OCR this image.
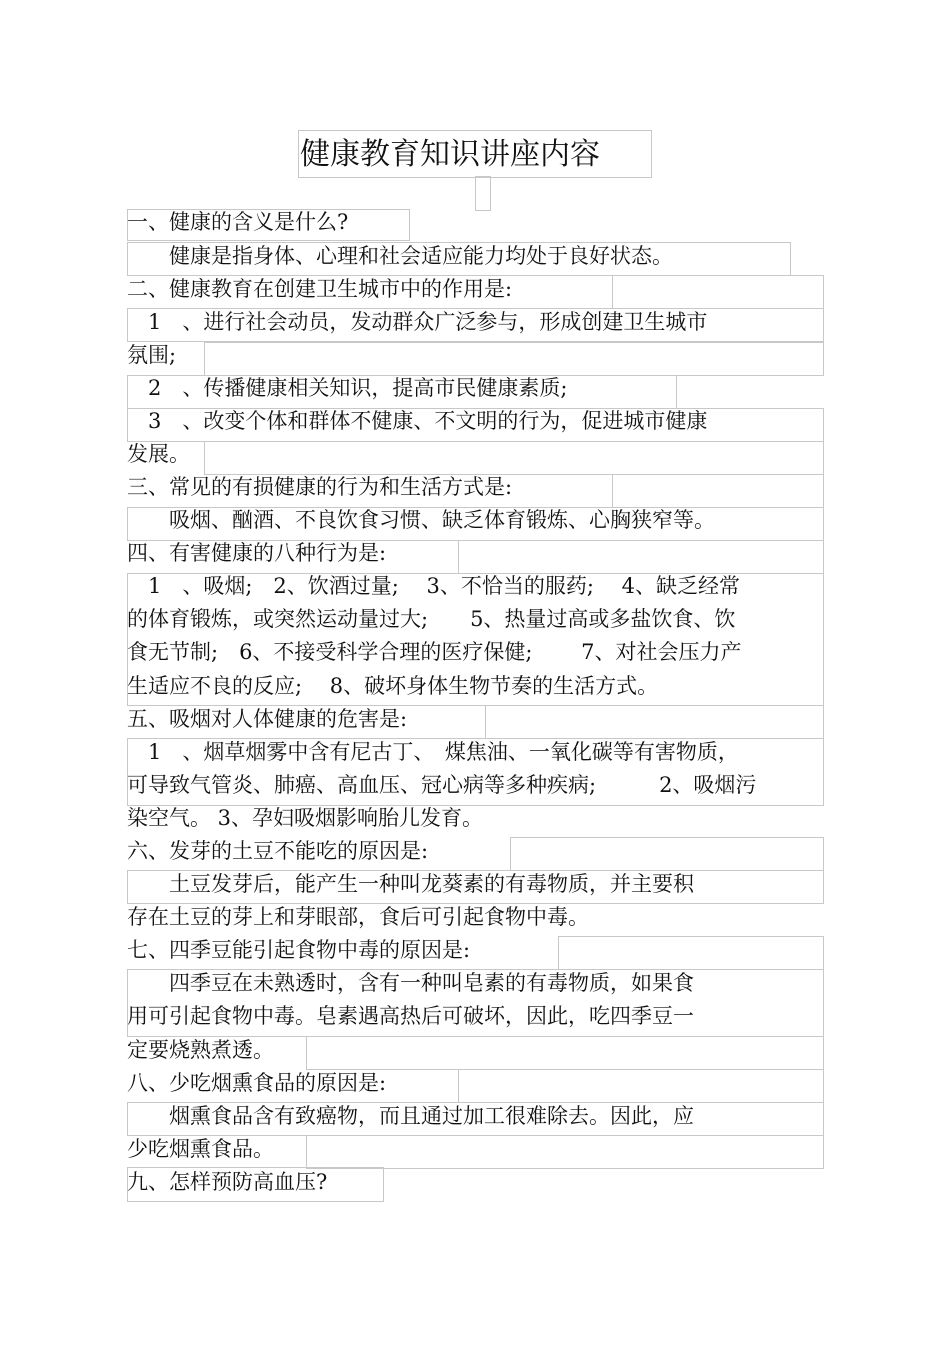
健康教育知识讲座内容
一、健康的含义是什么?
　　健康是指身体、心理和社会适应能力均处于良好状态。
二、健康教育在创建卫生城市中的作用是:
　1　、进行社会动员，发动群众广泛参与，形成创建卫生城市
氛围;
　2　、传播健康相关知识，提高市民健康素质;
　3　、改变个体和群体不健康、不文明的行为，促进城市健康
发展。
三、常见的有损健康的行为和生活方式是:
　　吸烟、酗酒、不良饮食习惯、缺乏体育锻炼、心胸狭窄等。
四、有害健康的八种行为是:
　1　、吸烟;　2、饮酒过量;　 3、不恰当的服药;　 4、缺乏经常
的体育锻炼，或突然运动量过大;　　5、热量过高或多盐饮食、饮
食无节制;　6、不接受科学合理的医疗保健;　　 7、对社会压力产
生适应不良的反应;　 8、破坏身体生物节奏的生活方式。
五、吸烟对人体健康的危害是:
　1　、烟草烟雾中含有尼古丁、　煤焦油、一氧化碳等有害物质，
可导致气管炎、肺癌、高血压、冠心病等多种疾病;　　　2、吸烟污
染空气。 3、孕妇吸烟影响胎儿发育。
六、发芽的土豆不能吃的原因是:
　　土豆发芽后，能产生一种叫龙葵素的有毒物质，并主要积
存在土豆的芽上和芽眼部，食后可引起食物中毒。
七、四季豆能引起食物中毒的原因是:
　　四季豆在未熟透时，含有一种叫皂素的有毒物质，如果食
用可引起食物中毒。皂素遇高热后可破坏，因此，吃四季豆一
定要烧熟煮透。
八、少吃烟熏食品的原因是:
　　烟熏食品含有致癌物，而且通过加工很难除去。因此，应
少吃烟熏食品。
九、怎样预防高血压?
